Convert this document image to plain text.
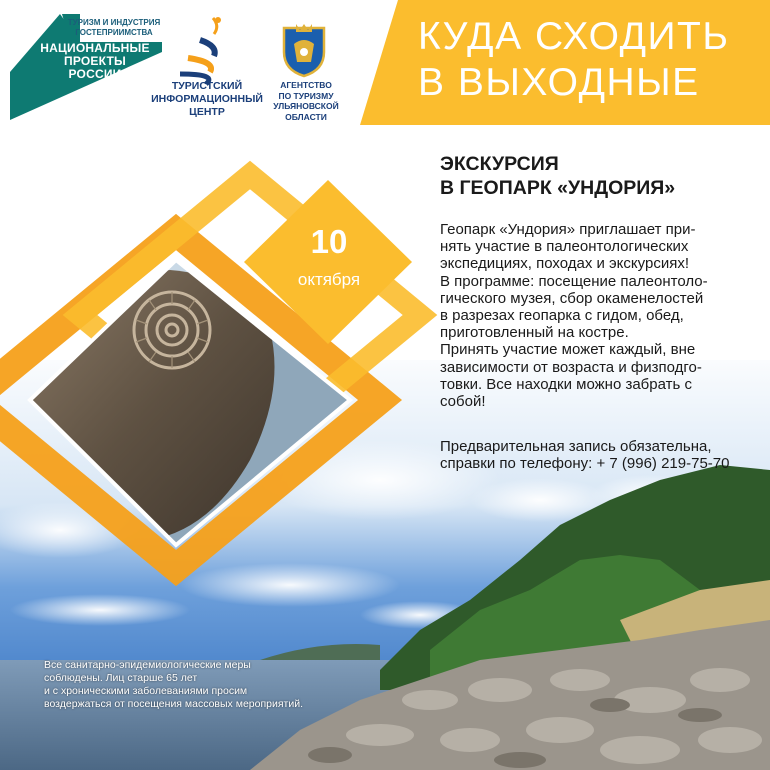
ТУРИЗМ И ИНДУСТРИЯ
ГОСТЕПРИИМСТВА
НАЦИОНАЛЬНЫЕ
ПРОЕКТЫ
РОССИИ
ТУРИСТСКИЙ
ИНФОРМАЦИОННЫЙ
ЦЕНТР
АГЕНТСТВО
ПО ТУРИЗМУ
УЛЬЯНОВСКОЙ
ОБЛАСТИ
КУДА СХОДИТЬ
В ВЫХОДНЫЕ
ЭКСКУРСИЯ
В ГЕОПАРК «УНДОРИЯ»

Геопарк «Ундория» приглашает при-
нять участие в палеонтологических
экспедициях, походах и экскурсиях!
В программе: посещение палеонтоло-
гического музея, сбор окаменелостей
в разрезах геопарка с гидом, обед,
приготовленный на костре.
Принять участие может каждый, вне
зависимости от возраста и физподго-
товки. Все находки можно забрать с
собой!

Предварительная запись обязательна,
справки по телефону: + 7 (996) 219-75-70
10
октября
Все санитарно-эпидемиологические меры
соблюдены. Лиц старше 65 лет
и с хроническими заболеваниями просим
воздержаться от посещения массовых мероприятий.
